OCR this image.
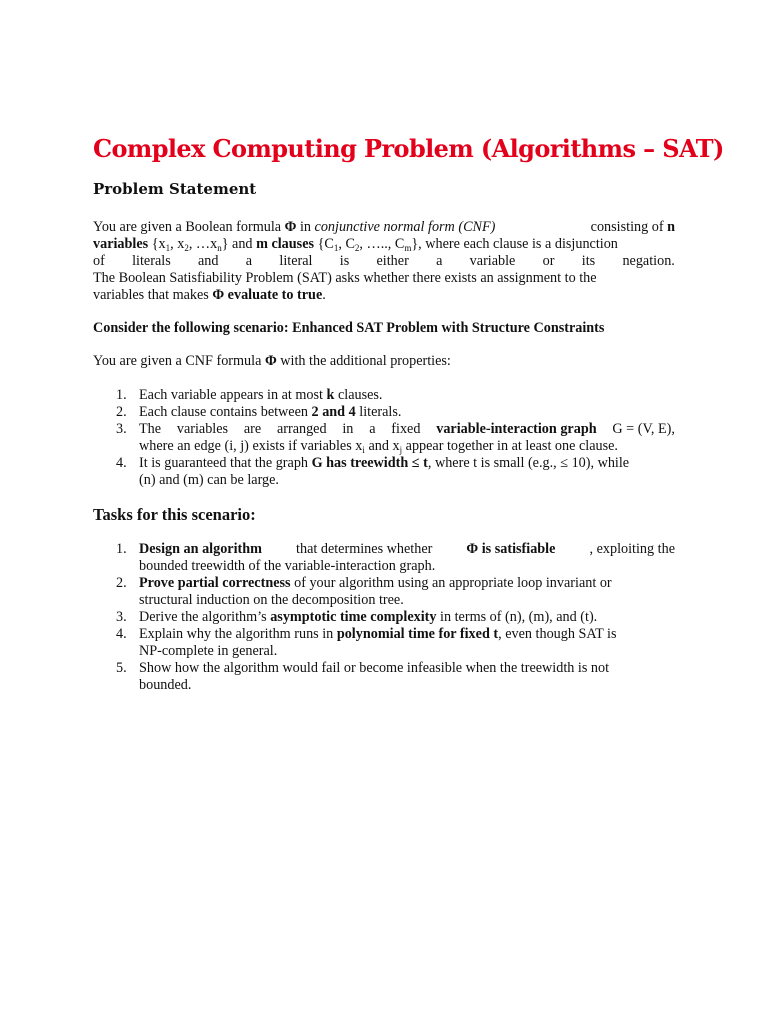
Complex Computing Problem (Algorithms – SAT)
Problem Statement
You are given a Boolean formula Φ in conjunctive normal form (CNF)	consisting of n
variables {$x_1$, $x_2$, $\dots x_n$} and m clauses {$C_1$, $C_2$, ….., $C_m$}, where each clause is a disjunction
of literals and a literal is either a variable or its negation.
The Boolean Satisfiability Problem (SAT) asks whether there exists an assignment to the
variables that makes Φ evaluate to true.
Consider the following scenario: Enhanced SAT Problem with Structure Constraints
You are given a CNF formula Φ with the additional properties:
1. Each variable appears in at most k clauses.
2. Each clause contains between 2 and 4 literals.
3. The variables are arranged in a fixed variable-interaction graph G = (V, E),
where an edge (i, j) exists if variables $x_i$ and $x_j$ appear together in at least one clause.
4. It is guaranteed that the graph G has treewidth ≤ t, where t is small (e.g., ≤ 10), while
(n) and (m) can be large.
Tasks for this scenario:
1. Design an algorithm that determines whether Φ is satisfiable , exploiting the
bounded treewidth of the variable-interaction graph.
2. Prove partial correctness of your algorithm using an appropriate loop invariant or
structural induction on the decomposition tree.
3. Derive the algorithm’s asymptotic time complexity in terms of (n), (m), and (t).
4. Explain why the algorithm runs in polynomial time for fixed t, even though SAT is
NP-complete in general.
5. Show how the algorithm would fail or become infeasible when the treewidth is not
bounded.
